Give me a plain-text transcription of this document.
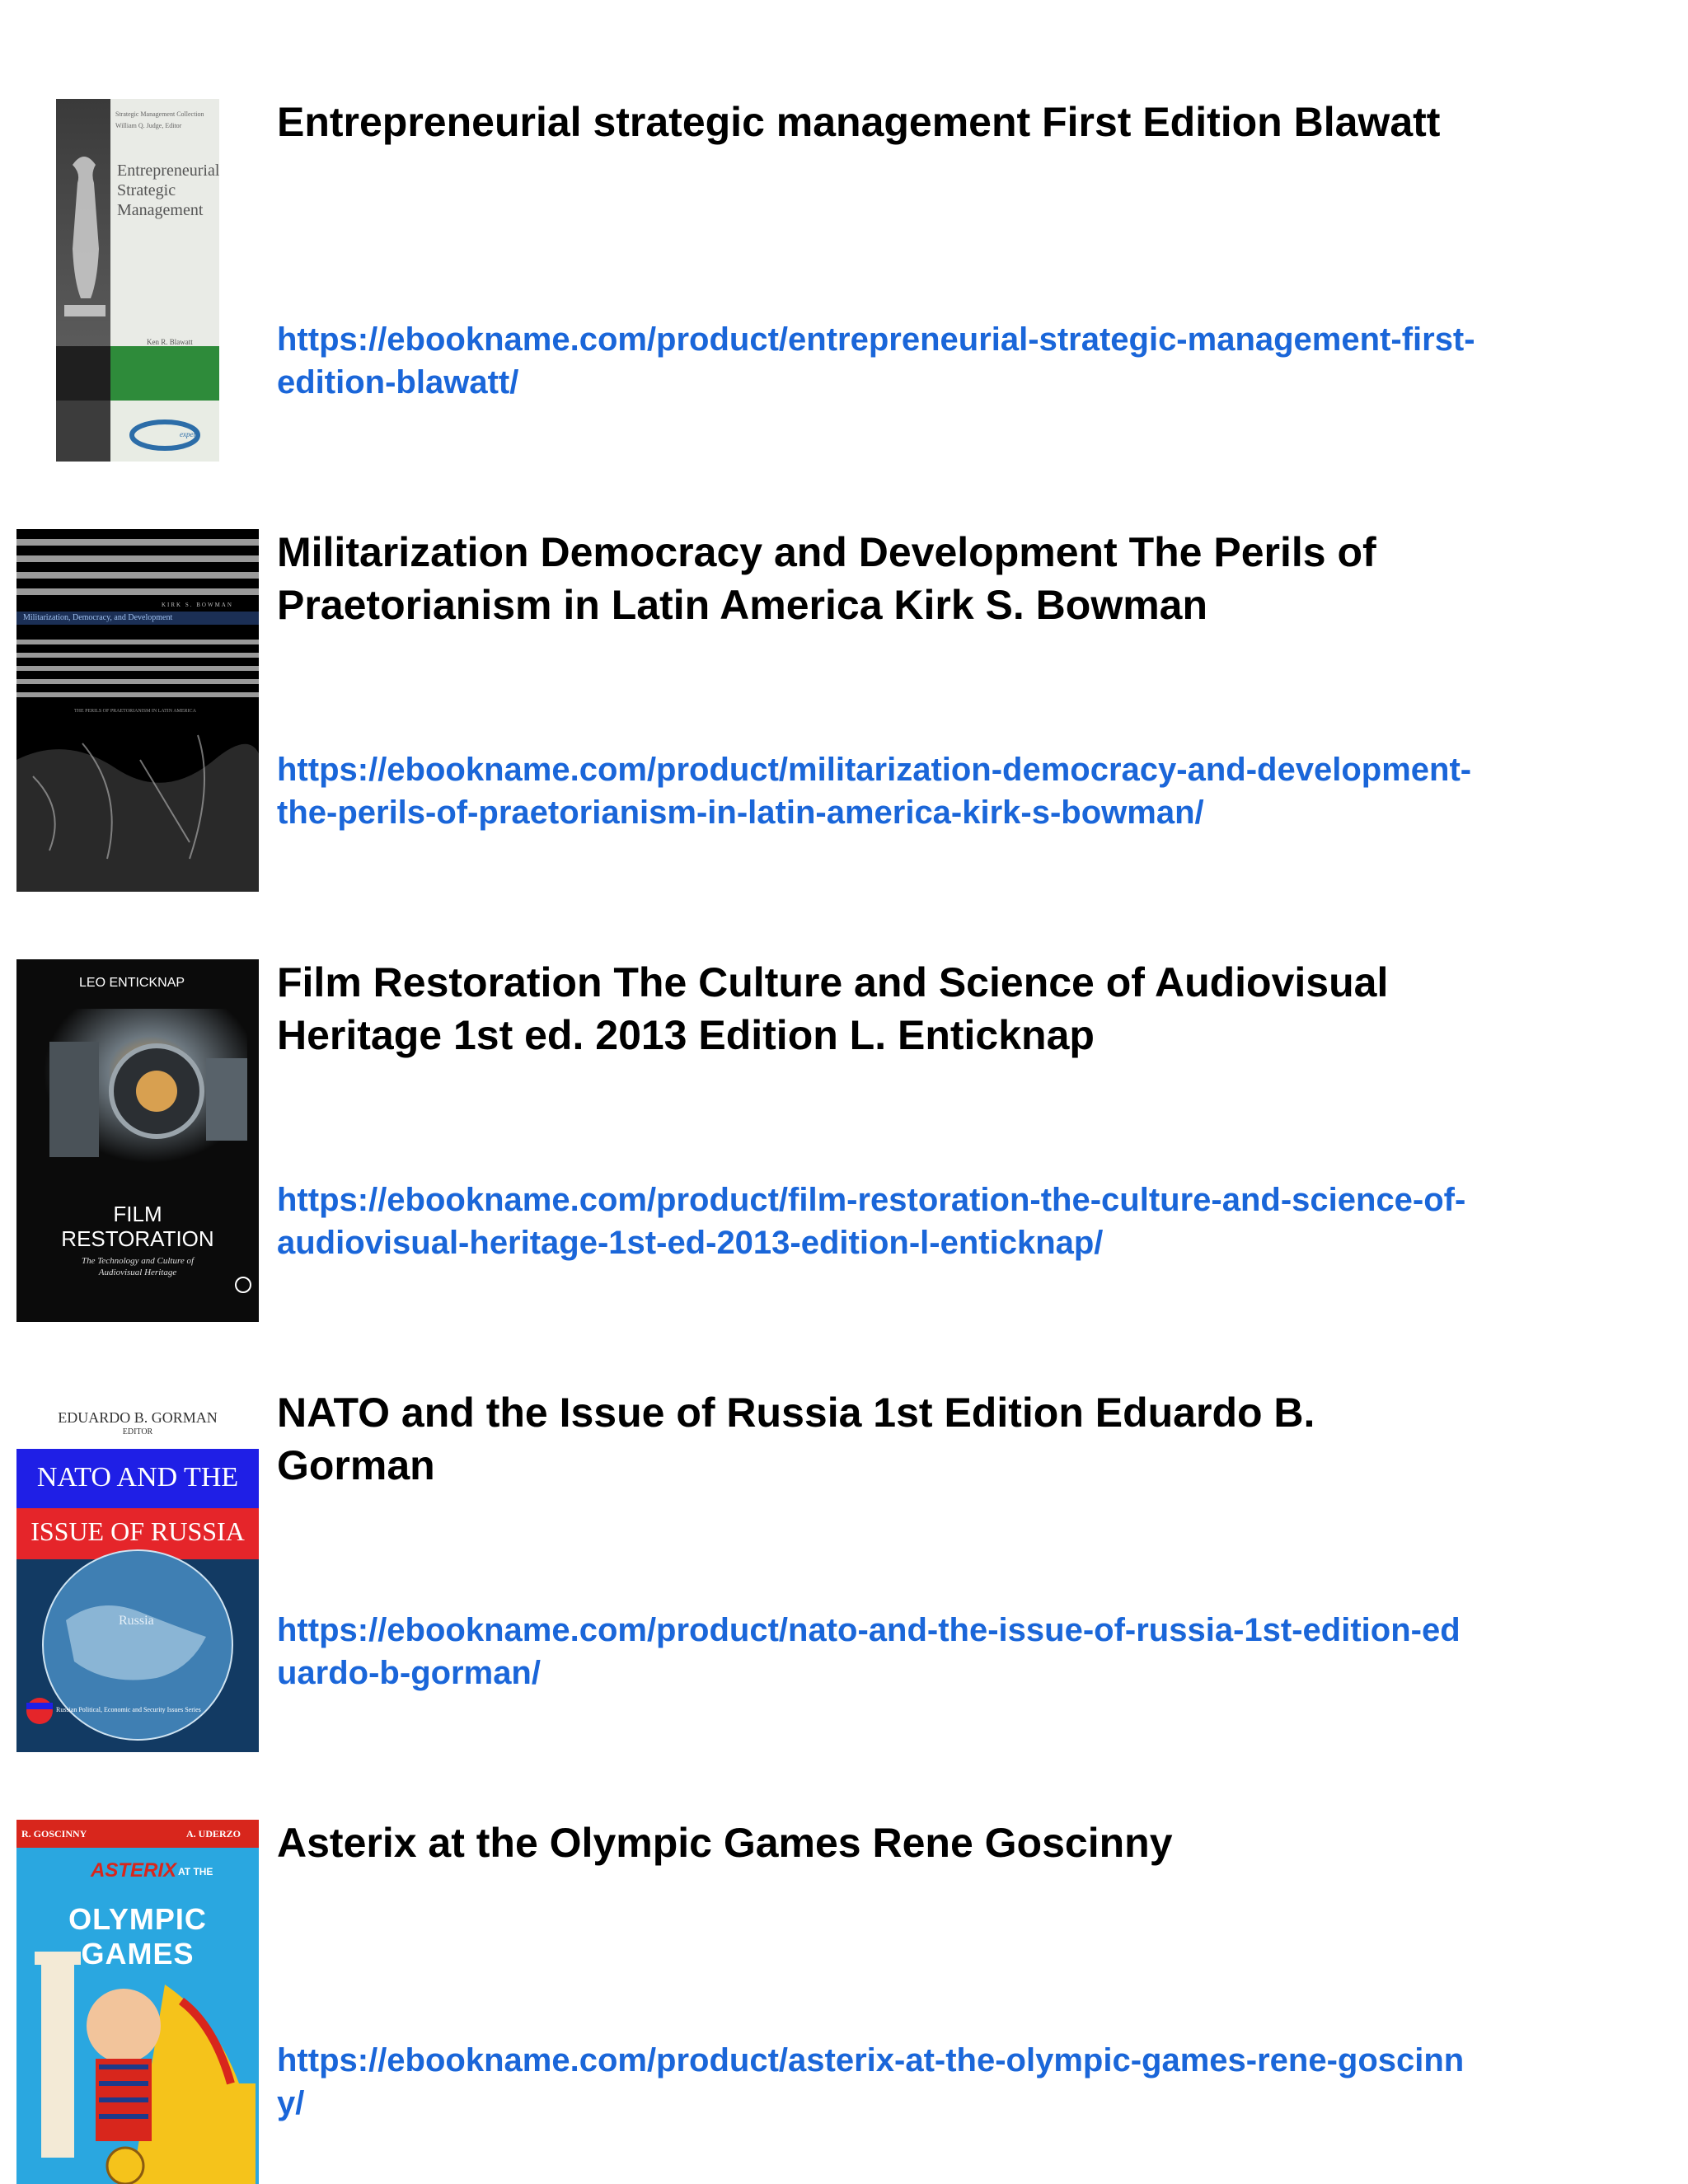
Strategic Management Collection
William Q. Judge, Editor
Entrepreneurial
Strategic
Management
Ken R. Blawatt
expert
Entrepreneurial strategic management First Edition Blawatt
https://ebookname.com/product/entrepreneurial-strategic-management-first-edition-blawatt/
KIRK S. BOWMAN
Militarization, Democracy, and Development
THE PERILS OF PRAETORIANISM IN LATIN AMERICA
Militarization Democracy and Development The Perils of Praetorianism in Latin America Kirk S. Bowman
https://ebookname.com/product/militarization-democracy-and-development-the-perils-of-praetorianism-in-latin-america-kirk-s-bowman/
LEO ENTICKNAP
FILM
RESTORATION
The Technology and Culture of
Audiovisual Heritage
Film Restoration The Culture and Science of Audiovisual Heritage 1st ed. 2013 Edition L. Enticknap
https://ebookname.com/product/film-restoration-the-culture-and-science-of-audiovisual-heritage-1st-ed-2013-edition-l-enticknap/
EDUARDO B. GORMAN
EDITOR
NATO AND THE
ISSUE OF RUSSIA
Russia
Russian Political, Economic and Security Issues Series
NATO and the Issue of Russia 1st Edition Eduardo B. Gorman
https://ebookname.com/product/nato-and-the-issue-of-russia-1st-edition-eduardo-b-gorman/
R. GOSCINNY	A. UDERZO
ASTERIX AT THE
OLYMPIC GAMES
Asterix at the Olympic Games Rene Goscinny
https://ebookname.com/product/asterix-at-the-olympic-games-rene-goscinny/
